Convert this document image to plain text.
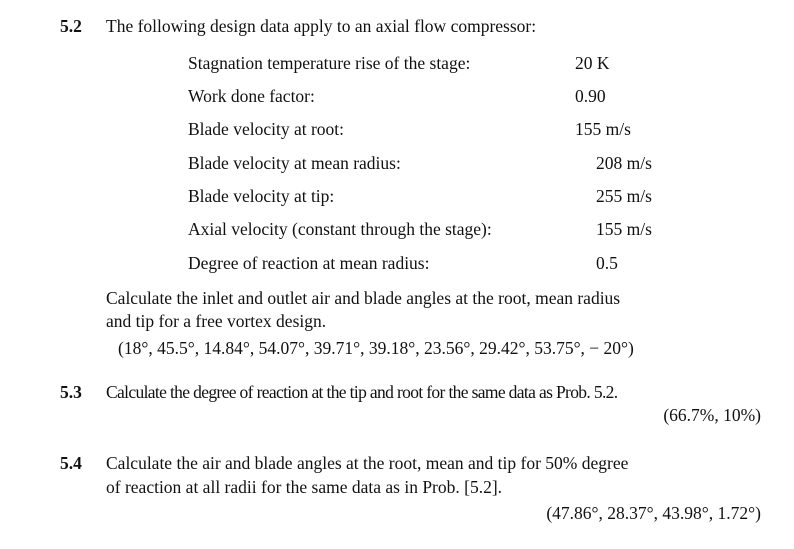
5.2 The following design data apply to an axial flow compressor:
Stagnation temperature rise of the stage:	20 K
Work done factor:	0.90
Blade velocity at root:	155 m/s
Blade velocity at mean radius:	208 m/s
Blade velocity at tip:	255 m/s
Axial velocity (constant through the stage):	155 m/s
Degree of reaction at mean radius:	0.5
Calculate the inlet and outlet air and blade angles at the root, mean radius
and tip for a free vortex design.
(18°, 45.5°, 14.84°, 54.07°, 39.71°, 39.18°, 23.56°, 29.42°, 53.75°, − 20°)
5.3 Calculate the degree of reaction at the tip and root for the same data as Prob. 5.2.
(66.7%, 10%)
5.4 Calculate the air and blade angles at the root, mean and tip for 50% degree
of reaction at all radii for the same data as in Prob. [5.2].
(47.86°, 28.37°, 43.98°, 1.72°)
